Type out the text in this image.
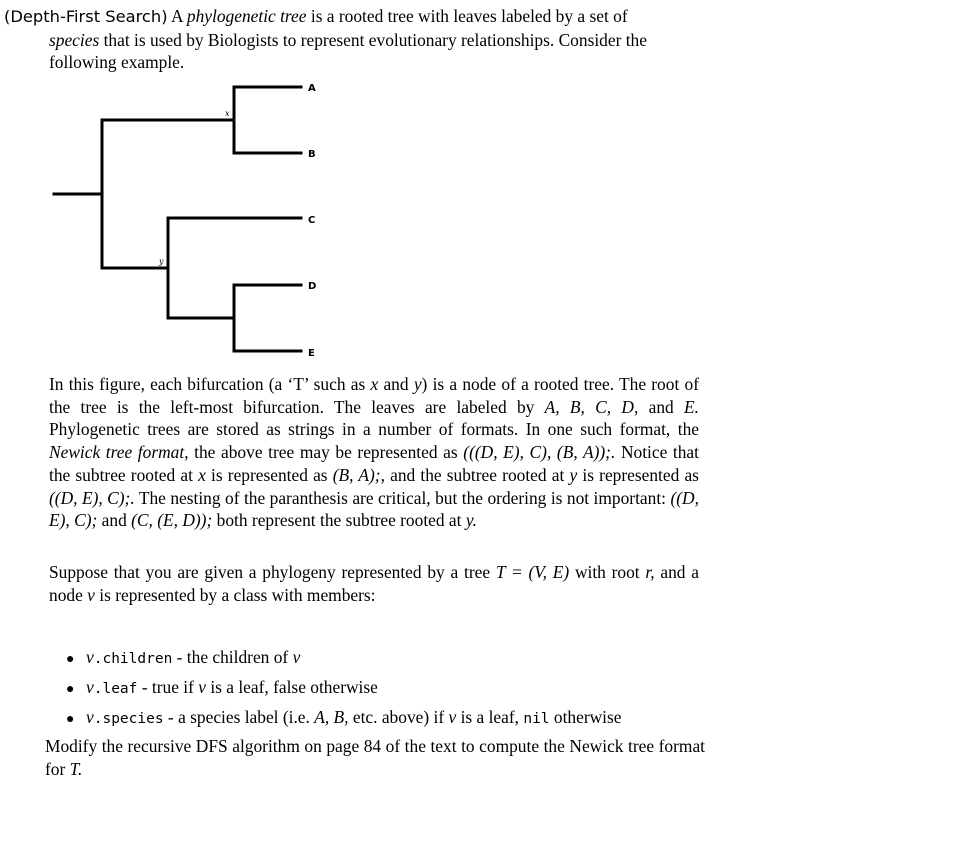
(Depth-First Search) A phylogenetic tree is a rooted tree with leaves labeled by a set of
species that is used by Biologists to represent evolutionary relationships. Consider the following example.
A
B
C
D
E
x
y
In this figure, each bifurcation (a ‘T’ such as x and y) is a node of a rooted tree. The root of the tree is the left-most bifurcation. The leaves are labeled by A, B, C, D, and E. Phylogenetic trees are stored as strings in a number of formats. In one such format, the Newick tree format, the above tree may be represented as (((D, E), C), (B, A));. Notice that the subtree rooted at x is represented as (B, A);, and the subtree rooted at y is represented as ((D, E), C);. The nesting of the paranthesis are critical, but the ordering is not important: ((D, E), C); and (C, (E, D)); both represent the subtree rooted at y.
Suppose that you are given a phylogeny represented by a tree T = (V, E) with root r, and a node v is represented by a class with members:
● v.children - the children of v
● v.leaf - true if v is a leaf, false otherwise
● v.species - a species label (i.e. A, B, etc. above) if v is a leaf, nil otherwise
Modify the recursive DFS algorithm on page 84 of the text to compute the Newick tree format for T.
